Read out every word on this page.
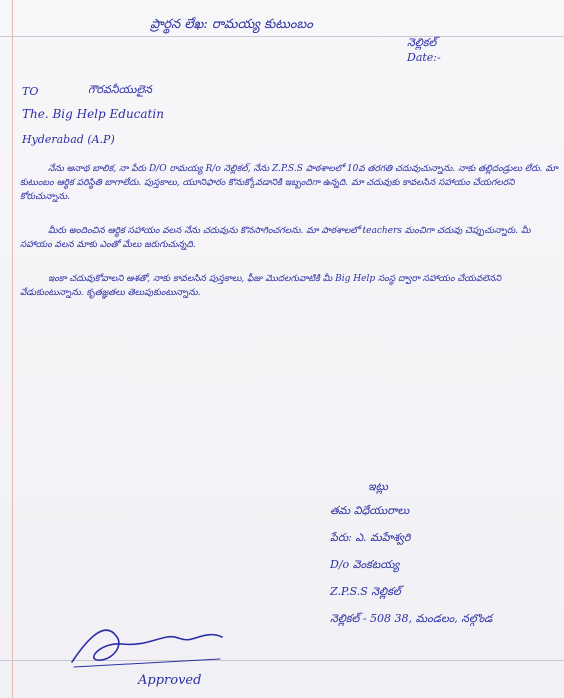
ప్రార్థన లేఖ: రామయ్య కుటుంబం
నెల్లికల్
Date:-
TO	గౌరవనీయులైన
The. Big Help Educatin
Hyderabad (A.P)

నేను అనాథ బాలిక, నా పేరు D/O రామయ్య R/o నెల్లికల్, నేను Z.P.S.S పాఠశాలలో 10వ తరగతి చదువుచున్నాను. నాకు తల్లిదండ్రులు లేరు. మా కుటుంబం ఆర్థిక పరిస్థితి బాగాలేదు. పుస్తకాలు, యూనిఫారం కొనుక్కోవడానికి ఇబ్బందిగా ఉన్నది. మా చదువుకు కావలసిన సహాయం చేయగలరని కోరుచున్నాను.

మీరు అందించిన ఆర్థిక సహాయం వలన నేను చదువును కొనసాగించగలను. మా పాఠశాలలో teachers మంచిగా చదువు చెప్పుచున్నారు. మీ సహాయం వలన మాకు ఎంతో మేలు జరుగుచున్నది.

ఇంకా చదువుకోవాలని ఆశతో, నాకు కావలసిన పుస్తకాలు, ఫీజు మొదలగువాటికి మీ Big Help సంస్థ ద్వారా సహాయం చేయవలెనని వేడుకుంటున్నాను. కృతజ్ఞతలు తెలుపుకుంటున్నాను.

ఇట్లు
తమ విధేయురాలు
పేరు: ఎ. మహేశ్వరి
D/o వెంకటయ్య
Z.P.S.S నెల్లికల్
నెల్లికల్ - 508 38, మండలం, నల్గొండ
Approved
